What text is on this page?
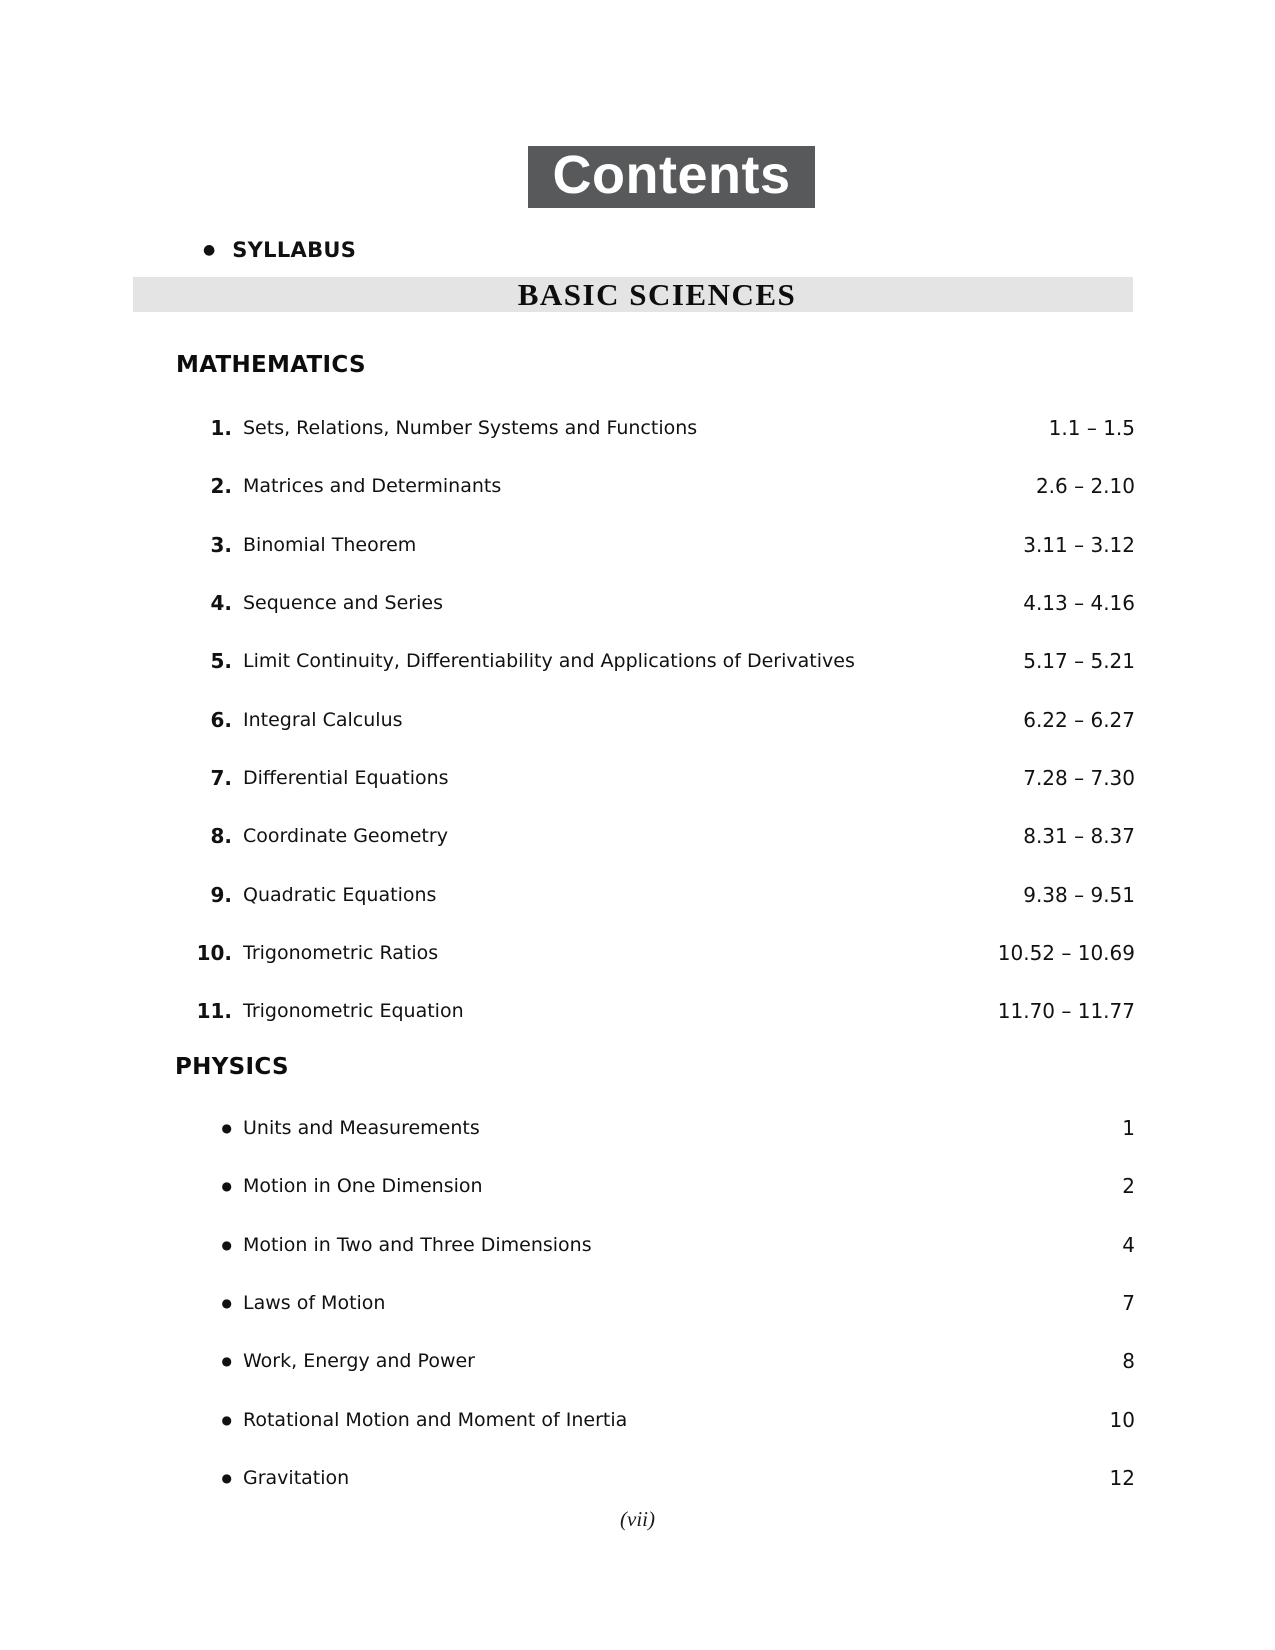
Contents
● SYLLABUS
BASIC SCIENCES
MATHEMATICS
1. Sets, Relations, Number Systems and Functions	1.1 – 1.5
2. Matrices and Determinants	2.6 – 2.10
3. Binomial Theorem	3.11 – 3.12
4. Sequence and Series	4.13 – 4.16
5. Limit Continuity, Differentiability and Applications of Derivatives	5.17 – 5.21
6. Integral Calculus	6.22 – 6.27
7. Differential Equations	7.28 – 7.30
8. Coordinate Geometry	8.31 – 8.37
9. Quadratic Equations	9.38 – 9.51
10. Trigonometric Ratios	10.52 – 10.69
11. Trigonometric Equation	11.70 – 11.77
PHYSICS
● Units and Measurements	1
● Motion in One Dimension	2
● Motion in Two and Three Dimensions	4
● Laws of Motion	7
● Work, Energy and Power	8
● Rotational Motion and Moment of Inertia	10
● Gravitation	12
(vii)
